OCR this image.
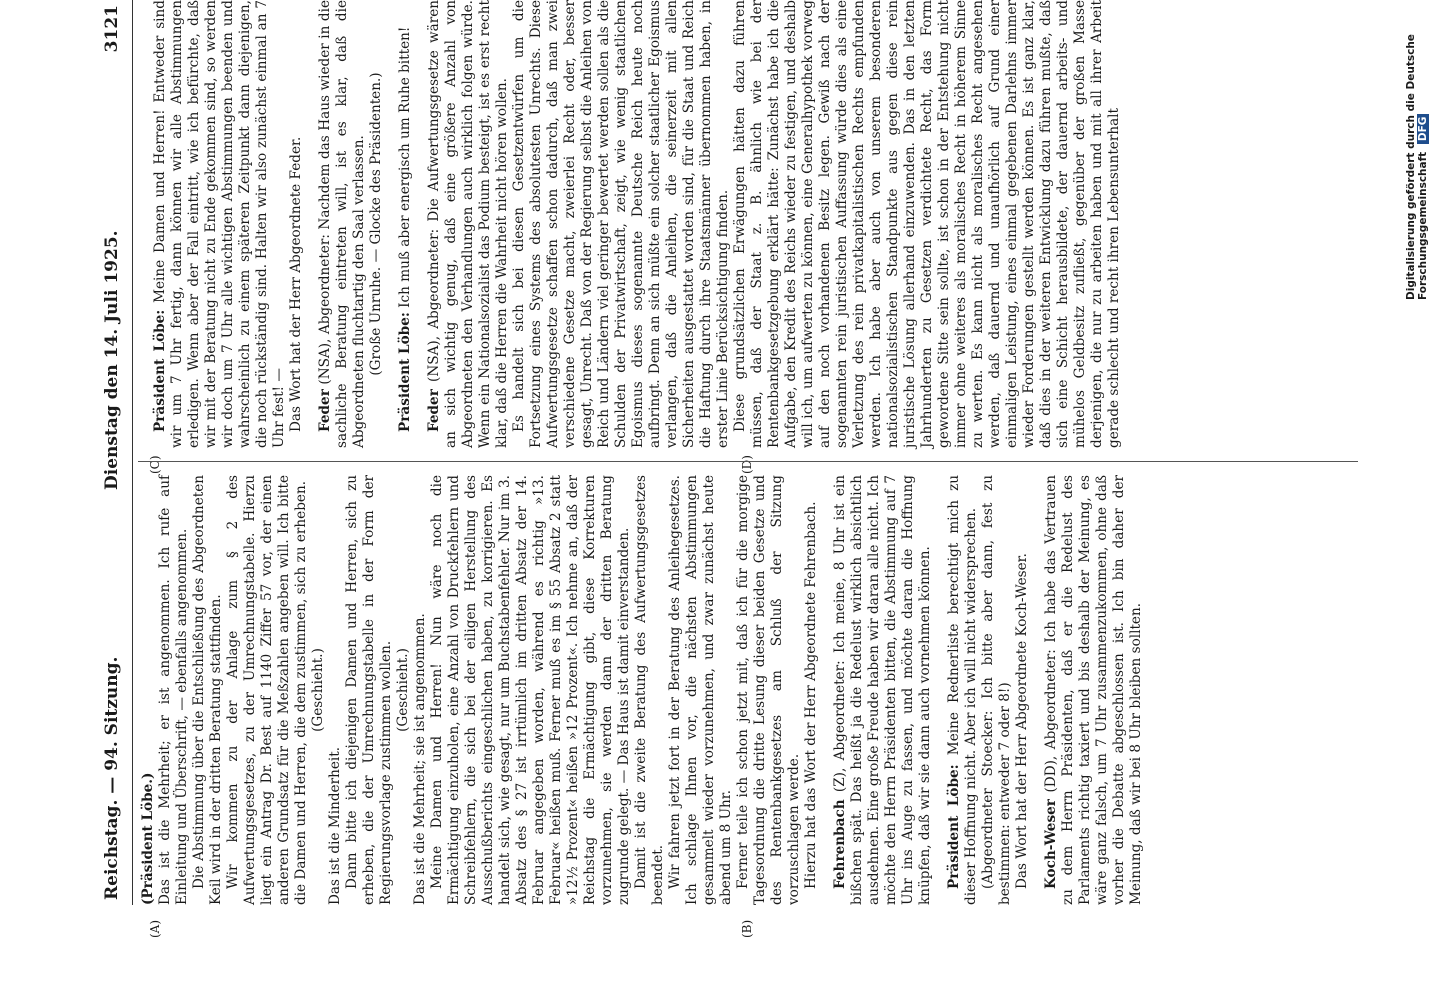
Reichstag. — 94. Sitzung.
Dienstag den 14. Juli 1925.
3121
(A)	(B)
(C)	(D)

(Präsident Löbe.) Das ist die Mehrheit; er ist angenommen. Ich rufe auf Einleitung und Überschrift, — ebenfalls angenommen. Die Abstimmung über die Entschließung des Abgeordneten Keil wird in der dritten Beratung stattfinden. Wir kommen zu der Anlage zum § 2 des Aufwertungsgesetzes, zu der Umrechnungstabelle. Hierzu liegt ein Antrag Dr. Best auf 1140 Ziffer 57 vor, der einen anderen Grundsatz für die Meßzahlen angeben will. Ich bitte die Damen und Herren, die dem zustimmen, sich zu erheben. (Geschieht.)

Das ist die Minderheit. Dann bitte ich diejenigen Damen und Herren, sich zu erheben, die der Umrechnungstabelle in der Form der Regierungsvorlage zustimmen wollen. (Geschieht.) Das ist die Mehrheit; sie ist angenommen. Meine Damen und Herren! Nun wäre noch die Ermächtigung einzuholen, eine Anzahl von Druckfehlern und Schreibfehlern, die sich bei der eiligen Herstellung des Ausschußberichts eingeschlichen haben, zu korrigieren. Es handelt sich, wie gesagt, nur um Buchstabenfehler. Nur im 3. Absatz des § 27 ist irrtümlich im dritten Absatz der 14. Februar angegeben worden, während es richtig »13. Februar« heißen muß. Ferner muß es im § 55 Absatz 2 statt »12½ Prozent« heißen »12 Prozent«. Ich nehme an, daß der Reichstag die Ermächtigung gibt, diese Korrekturen vorzunehmen, sie werden dann der dritten Beratung zugrunde gelegt. — Das Haus ist damit einverstanden. Damit ist die zweite Beratung des Aufwertungsgesetzes beendet. Wir fahren jetzt fort in der Beratung des Anleihegesetzes. Ich schlage Ihnen vor, die nächsten Abstimmungen gesammelt wieder vorzunehmen, und zwar zunächst heute abend um 8 Uhr. Ferner teile ich schon jetzt mit, daß ich für die morgige Tagesordnung die dritte Lesung dieser beiden Gesetze und des Rentenbankgesetzes am Schluß der Sitzung vorzuschlagen werde. Hierzu hat das Wort der Herr Abgeordnete Fehrenbach. Fehrenbach (Z), Abgeordneter: Ich meine, 8 Uhr ist ein bißchen spät. Das heißt ja die Redelust wirklich absichtlich ausdehnen. Eine große Freude haben wir daran alle nicht. Ich möchte den Herrn Präsidenten bitten, die Abstimmung auf 7 Uhr ins Auge zu fassen, und möchte daran die Hoffnung knüpfen, daß wir sie dann auch vornehmen können. Präsident Löbe: Meine Rednerliste berechtigt mich zu dieser Hoffnung nicht. Aber ich will nicht widersprechen. (Abgeordneter Stoecker: Ich bitte aber dann, fest zu bestimmen: entweder 7 oder 8!) Das Wort hat der Herr Abgeordnete Koch-Weser. Koch-Weser (DD), Abgeordneter: Ich habe das Vertrauen zu dem Herrn Präsidenten, daß er die Redelust des Parlaments richtig taxiert und bis deshalb der Meinung, es wäre ganz falsch, um 7 Uhr zusammenzukommen, ohne daß vorher die Debatte abgeschlossen ist. Ich bin daher der Meinung, daß wir bei 8 Uhr bleiben sollten.

Präsident Löbe: Meine Damen und Herren! Entweder sind wir um 7 Uhr fertig, dann können wir alle Abstimmungen erledigen. Wenn aber der Fall eintritt, wie ich befürchte, daß wir mit der Beratung nicht zu Ende gekommen sind, so werden wir doch um 7 Uhr alle wichtigen Abstimmungen beenden und wahrscheinlich zu einem späteren Zeitpunkt dann diejenigen, die noch rückständig sind. Halten wir also zunächst einmal an 7 Uhr fest! — Das Wort hat der Herr Abgeordnete Feder. Feder (NSA), Abgeordneter: Nachdem das Haus wieder in die sachliche Beratung eintreten will, ist es klar, daß die Abgeordneten fluchtartig den Saal verlassen. (Große Unruhe. — Glocke des Präsidenten.) Präsident Löbe: Ich muß aber energisch um Ruhe bitten!

Feder (NSA), Abgeordneter: Die Aufwertungsgesetze wären an sich wichtig genug, daß eine größere Anzahl von Abgeordneten den Verhandlungen auch wirklich folgen würde. Wenn ein Nationalsozialist das Podium besteigt, ist es erst recht klar, daß die Herren die Wahrheit nicht hören wollen. Es handelt sich bei diesen Gesetzentwürfen um die Fortsetzung eines Systems des absolutesten Unrechts. Diese Aufwertungsgesetze schaffen schon dadurch, daß man zwei verschiedene Gesetze macht, zweierlei Recht oder, besser gesagt, Unrecht. Daß von der Regierung selbst die Anleihen von Reich und Ländern viel geringer bewertet werden sollen als die Schulden der Privatwirtschaft, zeigt, wie wenig staatlichen Egoismus dieses sogenannte Deutsche Reich heute noch aufbringt. Denn an sich müßte ein solcher staatlicher Egoismus verlangen, daß die Anleihen, die seinerzeit mit allen Sicherheiten ausgestattet worden sind, für die Staat und Reich die Haftung durch ihre Staatsmänner übernommen haben, in erster Linie Berücksichtigung finden. Diese grundsätzlichen Erwägungen hätten dazu führen müssen, daß der Staat z. B. ähnlich wie bei der Rentenbankgesetzgebung erklärt hätte: Zunächst habe ich die Aufgabe, den Kredit des Reichs wieder zu festigen, und deshalb will ich, um aufwerten zu können, eine Generalhypothek vorweg auf den noch vorhandenen Besitz legen. Gewiß nach der sogenannten rein juristischen Auffassung würde dies als eine Verletzung des rein privatkapitalistischen Rechts empfunden werden. Ich habe aber auch von unserem besonderen nationalsozialistischen Standpunkte aus gegen diese rein juristische Lösung allerhand einzuwenden. Das in den letzten Jahrhunderten zu Gesetzen verdichtete Recht, das Form gewordene Sitte sein sollte, ist schon in der Entstehung nicht immer ohne weiteres als moralisches Recht in höherem Sinne zu werten. Es kann nicht als moralisches Recht angesehen werden, daß dauernd und unaufhörlich auf Grund einer einmaligen Leistung, eines einmal gegebenen Darlehns immer wieder Forderungen gestellt werden können. Es ist ganz klar, daß dies in der weiteren Entwicklung dazu führen mußte, daß sich eine Schicht herausbildete, der dauernd arbeits- und mühelos Geldbesitz zufließt, gegenüber der großen Masse derjenigen, die nur zu arbeiten haben und mit all ihrer Arbeit gerade schlecht und recht ihren Lebensunterhalt	Digitalisierung gefördert durch die Deutsche Forschungsgemeinschaft DFG
